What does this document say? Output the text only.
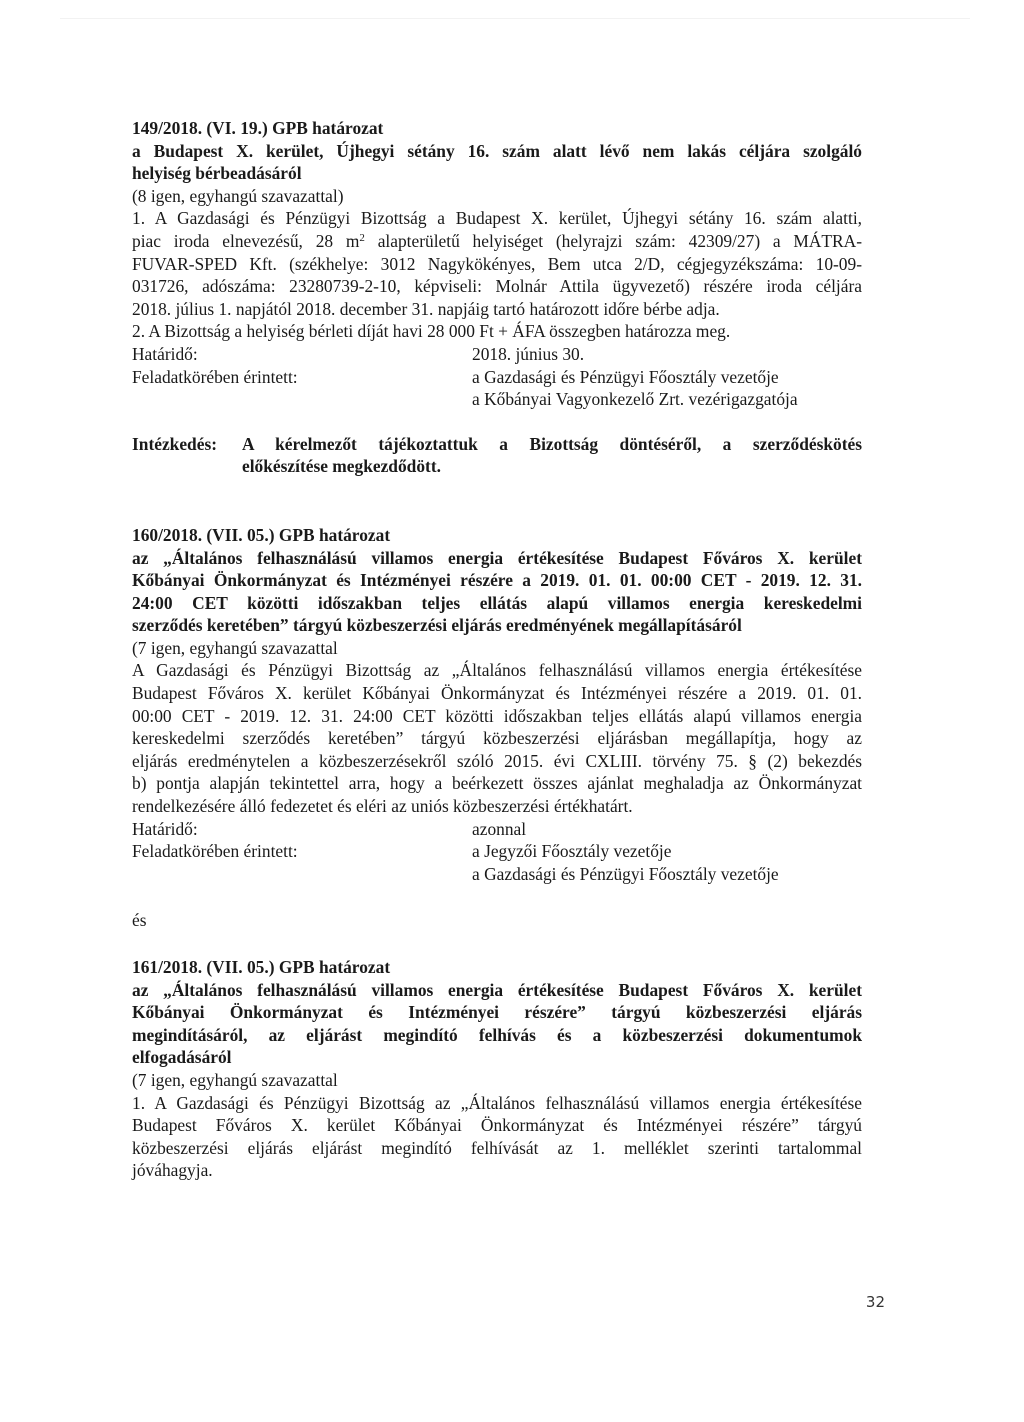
149/2018. (VI. 19.) GPB határozat

a Budapest X. kerület, Újhegyi sétány 16. szám alatt lévő nem lakás céljára szolgáló

helyiség bérbeadásáról

(8 igen, egyhangú szavazattal)

1. A Gazdasági és Pénzügyi Bizottság a Budapest X. kerület, Újhegyi sétány 16. szám alatti,

piac iroda elnevezésű, 28 $m^2$ alapterületű helyiséget (helyrajzi szám: 42309/27) a MÁTRA-

FUVAR-SPED Kft. (székhelye: 3012 Nagykökényes, Bem utca 2/D, cégjegyzékszáma: 10-09-

031726, adószáma: 23280739-2-10, képviseli: Molnár Attila ügyvezető) részére iroda céljára

2018. július 1. napjától 2018. december 31. napjáig tartó határozott időre bérbe adja.

2. A Bizottság a helyiség bérleti díját havi 28 000 Ft + ÁFA összegben határozza meg.

Határidő:	2018. június 30.
Feladatkörében érintett:	a Gazdasági és Pénzügyi Főosztály vezetője

a Kőbányai Vagyonkezelő Zrt. vezérigazgatója

Intézkedés:	A kérelmezőt tájékoztattuk a Bizottság döntéséről, a szerződéskötés
előkészítése megkezdődött.

160/2018. (VII. 05.) GPB határozat

az „Általános felhasználású villamos energia értékesítése Budapest Főváros X. kerület

Kőbányai Önkormányzat és Intézményei részére a 2019. 01. 01. 00:00 CET - 2019. 12. 31.

24:00 CET közötti időszakban teljes ellátás alapú villamos energia kereskedelmi

szerződés keretében” tárgyú közbeszerzési eljárás eredményének megállapításáról

(7 igen, egyhangú szavazattal

A Gazdasági és Pénzügyi Bizottság az „Általános felhasználású villamos energia értékesítése

Budapest Főváros X. kerület Kőbányai Önkormányzat és Intézményei részére a 2019. 01. 01.

00:00 CET - 2019. 12. 31. 24:00 CET közötti időszakban teljes ellátás alapú villamos energia

kereskedelmi szerződés keretében” tárgyú közbeszerzési eljárásban megállapítja, hogy az

eljárás eredménytelen a közbeszerzésekről szóló 2015. évi CXLIII. törvény 75. § (2) bekezdés

b) pontja alapján tekintettel arra, hogy a beérkezett összes ajánlat meghaladja az Önkormányzat

rendelkezésére álló fedezetet és eléri az uniós közbeszerzési értékhatárt.

Határidő:	azonnal
Feladatkörében érintett:	a Jegyzői Főosztály vezetője

a Gazdasági és Pénzügyi Főosztály vezetője

és

161/2018. (VII. 05.) GPB határozat

az „Általános felhasználású villamos energia értékesítése Budapest Főváros X. kerület

Kőbányai Önkormányzat és Intézményei részére” tárgyú közbeszerzési eljárás

megindításáról, az eljárást megindító felhívás és a közbeszerzési dokumentumok

elfogadásáról

(7 igen, egyhangú szavazattal

1. A Gazdasági és Pénzügyi Bizottság az „Általános felhasználású villamos energia értékesítése

Budapest Főváros X. kerület Kőbányai Önkormányzat és Intézményei részére” tárgyú

közbeszerzési eljárás eljárást megindító felhívását az 1. melléklet szerinti tartalommal

jóváhagyja.

32
